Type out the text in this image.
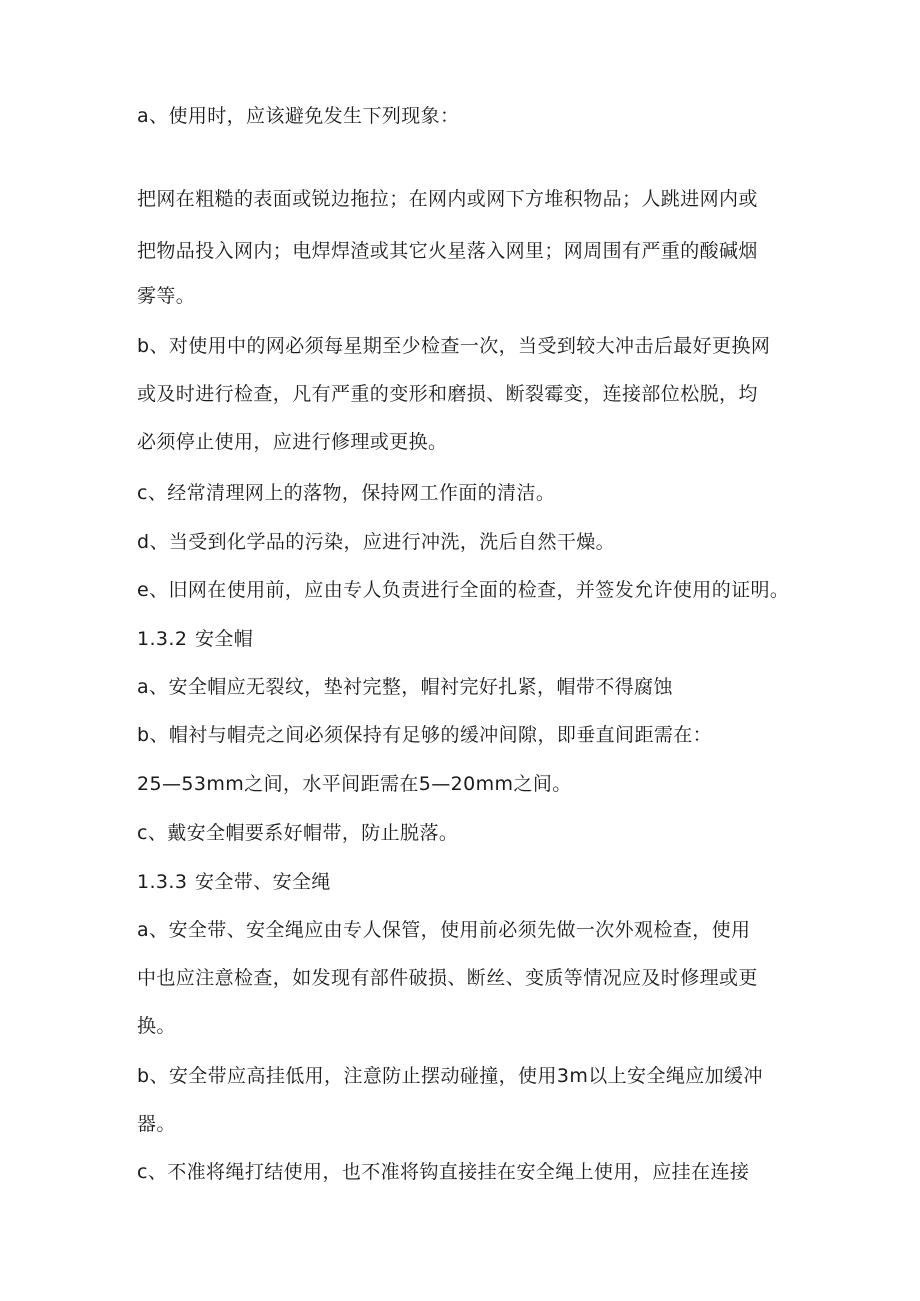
a、使用时，应该避免发生下列现象：
把网在粗糙的表面或锐边拖拉；在网内或网下方堆积物品；人跳进网内或
把物品投入网内；电焊焊渣或其它火星落入网里；网周围有严重的酸碱烟
雾等。
b、对使用中的网必须每星期至少检查一次，当受到较大冲击后最好更换网
或及时进行检查，凡有严重的变形和磨损、断裂霉变，连接部位松脱，均
必须停止使用，应进行修理或更换。
c、经常清理网上的落物，保持网工作面的清洁。
d、当受到化学品的污染，应进行冲洗，洗后自然干燥。
e、旧网在使用前，应由专人负责进行全面的检查，并签发允许使用的证明。
1.3.2 安全帽
a、安全帽应无裂纹，垫衬完整，帽衬完好扎紧，帽带不得腐蚀
b、帽衬与帽壳之间必须保持有足够的缓冲间隙，即垂直间距需在：
25—53mm之间，水平间距需在5—20mm之间。
c、戴安全帽要系好帽带，防止脱落。
1.3.3 安全带、安全绳
a、安全带、安全绳应由专人保管，使用前必须先做一次外观检查，使用
中也应注意检查，如发现有部件破损、断丝、变质等情况应及时修理或更
换。
b、安全带应高挂低用，注意防止摆动碰撞，使用3m以上安全绳应加缓冲
器。
c、不准将绳打结使用，也不准将钩直接挂在安全绳上使用，应挂在连接
